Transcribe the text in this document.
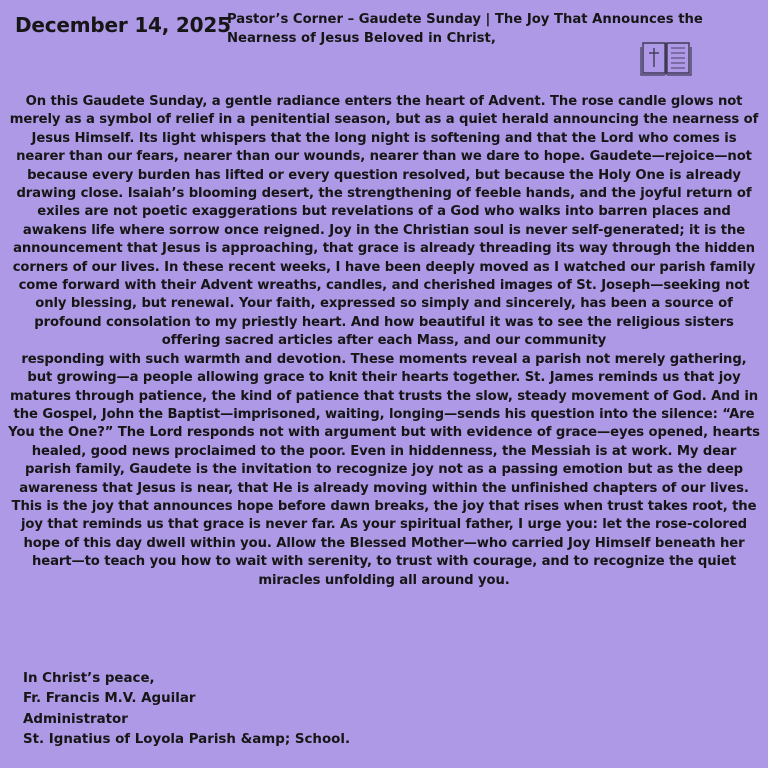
December 14, 2025
Pastor’s Corner – Gaudete Sunday | The Joy That Announces the Nearness of Jesus Beloved in Christ,

On this Gaudete Sunday, a gentle radiance enters the heart of Advent. The rose candle glows not merely as a symbol of relief in a penitential season, but as a quiet herald announcing the nearness of Jesus Himself. Its light whispers that the long night is softening and that the Lord who comes is nearer than our fears, nearer than our wounds, nearer than we dare to hope. Gaudete—rejoice—not because every burden has lifted or every question resolved, but because the Holy One is already drawing close. Isaiah’s blooming desert, the strengthening of feeble hands, and the joyful return of exiles are not poetic exaggerations but revelations of a God who walks into barren places and awakens life where sorrow once reigned. Joy in the Christian soul is never self-generated; it is the announcement that Jesus is approaching, that grace is already threading its way through the hidden corners of our lives. In these recent weeks, I have been deeply moved as I watched our parish family come forward with their Advent wreaths, candles, and cherished images of St. Joseph—seeking not only blessing, but renewal. Your faith, expressed so simply and sincerely, has been a source of profound consolation to my priestly heart. And how beautiful it was to see the religious sisters offering sacred articles after each Mass, and our community

responding with such warmth and devotion. These moments reveal a parish not merely gathering, but growing—a people allowing grace to knit their hearts together. St. James reminds us that joy matures through patience, the kind of patience that trusts the slow, steady movement of God. And in the Gospel, John the Baptist—imprisoned, waiting, longing—sends his question into the silence: “Are You the One?” The Lord responds not with argument but with evidence of grace—eyes opened, hearts healed, good news proclaimed to the poor. Even in hiddenness, the Messiah is at work. My dear parish family, Gaudete is the invitation to recognize joy not as a passing emotion but as the deep awareness that Jesus is near, that He is already moving within the unfinished chapters of our lives. This is the joy that announces hope before dawn breaks, the joy that rises when trust takes root, the joy that reminds us that grace is never far. As your spiritual father, I urge you: let the rose-colored hope of this day dwell within you. Allow the Blessed Mother—who carried Joy Himself beneath her heart—to teach you how to wait with serenity, to trust with courage, and to recognize the quiet miracles unfolding all around you.

In Christ’s peace,
Fr. Francis M.V. Aguilar
Administrator
St. Ignatius of Loyola Parish &amp; School.
